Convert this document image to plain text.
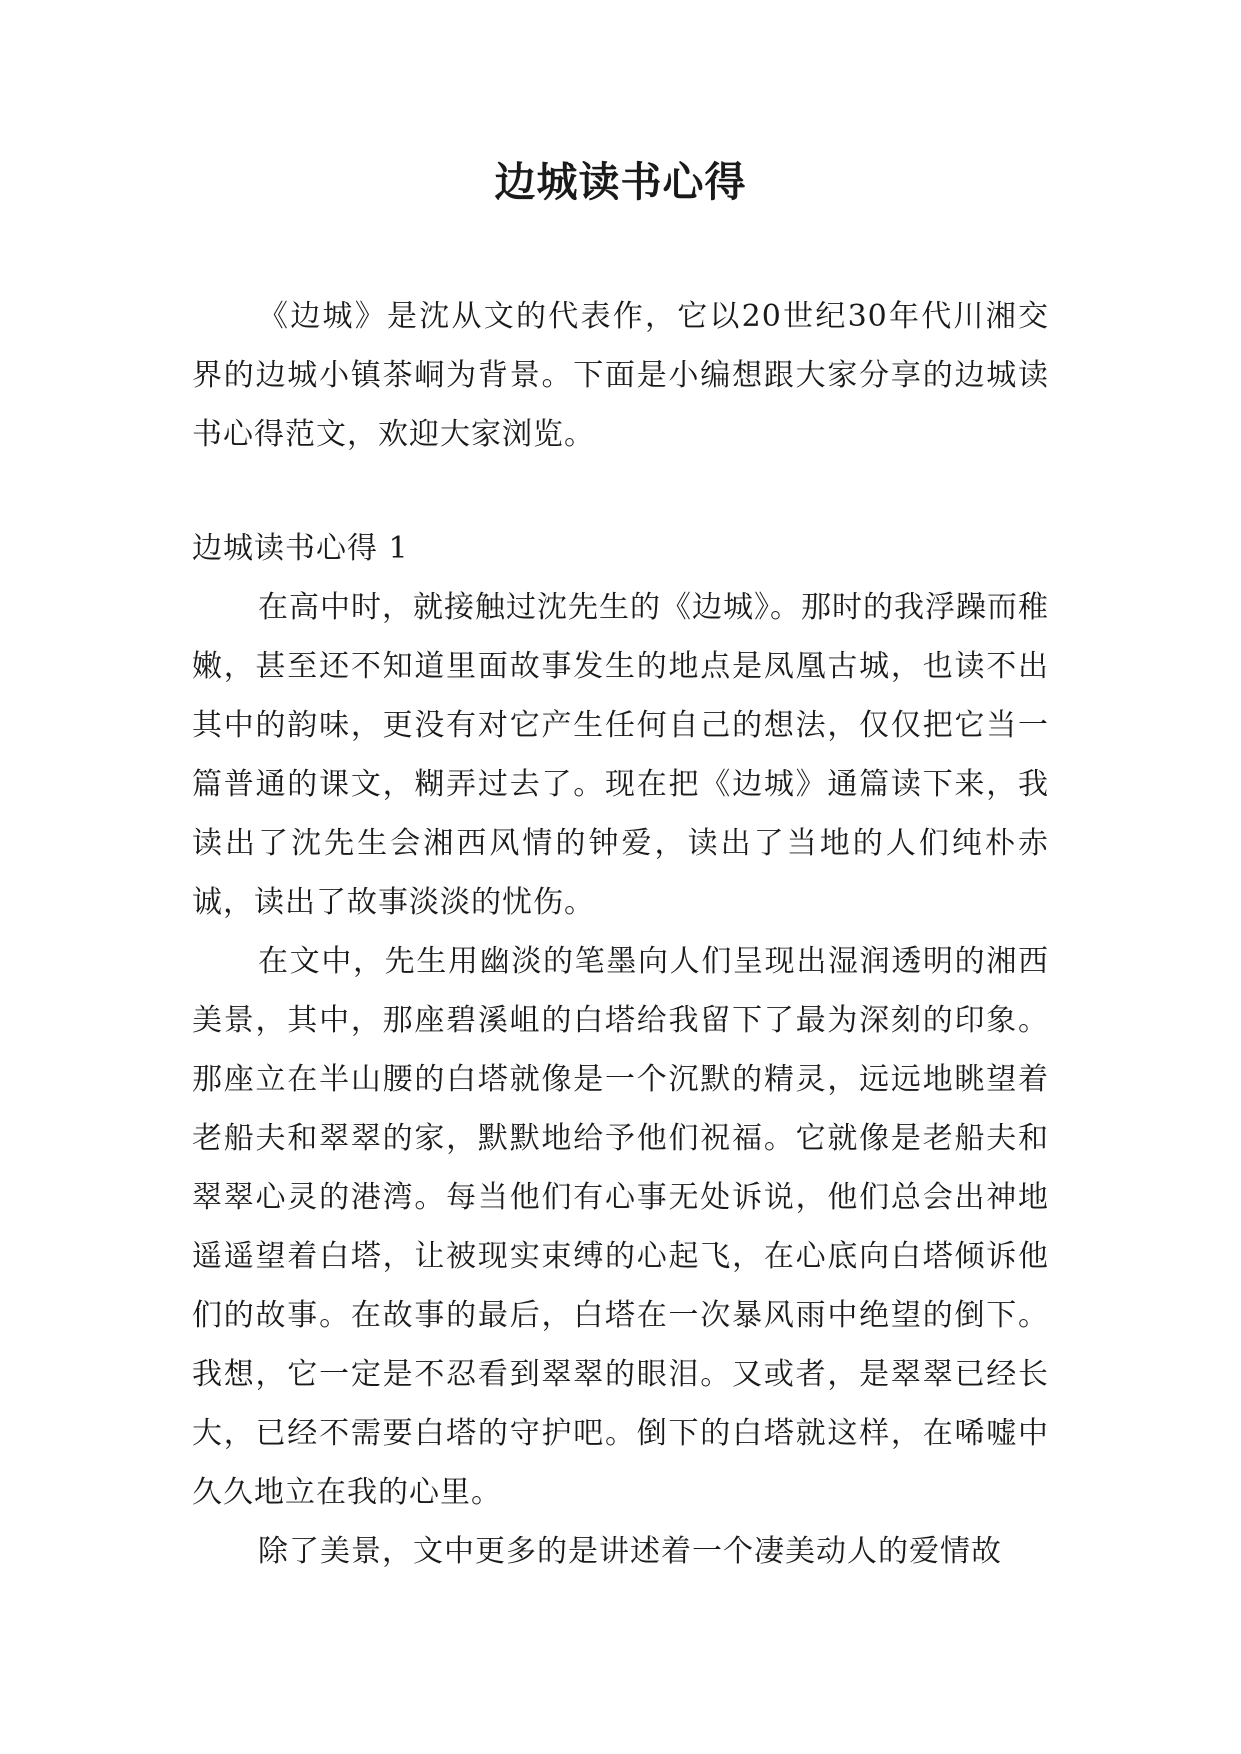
边城读书心得

《边城》是沈从文的代表作，它以20世纪30年代川湘交界的边城小镇茶峒为背景。下面是小编想跟大家分享的边城读书心得范文，欢迎大家浏览。

边城读书心得 1

在高中时，就接触过沈先生的《边城》。那时的我浮躁而稚嫩，甚至还不知道里面故事发生的地点是凤凰古城，也读不出其中的韵味，更没有对它产生任何自己的想法，仅仅把它当一篇普通的课文，糊弄过去了。现在把《边城》通篇读下来，我读出了沈先生会湘西风情的钟爱，读出了当地的人们纯朴赤诚，读出了故事淡淡的忧伤。

在文中，先生用幽淡的笔墨向人们呈现出湿润透明的湘西美景，其中，那座碧溪岨的白塔给我留下了最为深刻的印象。那座立在半山腰的白塔就像是一个沉默的精灵，远远地眺望着老船夫和翠翠的家，默默地给予他们祝福。它就像是老船夫和翠翠心灵的港湾。每当他们有心事无处诉说，他们总会出神地遥遥望着白塔，让被现实束缚的心起飞，在心底向白塔倾诉他们的故事。在故事的最后，白塔在一次暴风雨中绝望的倒下。我想，它一定是不忍看到翠翠的眼泪。又或者，是翠翠已经长大，已经不需要白塔的守护吧。倒下的白塔就这样，在唏嘘中久久地立在我的心里。

除了美景，文中更多的是讲述着一个凄美动人的爱情故
